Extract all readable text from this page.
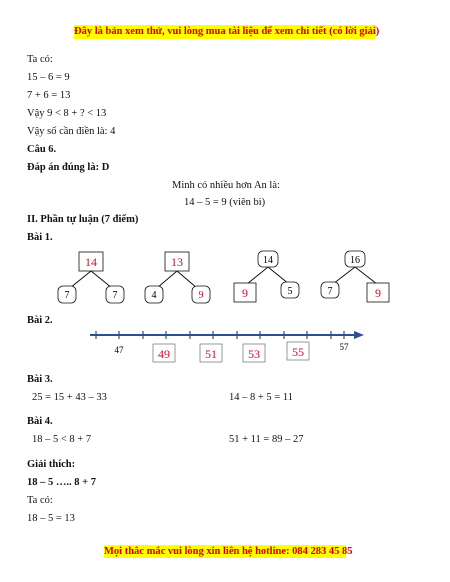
Đây là bản xem thử, vui lòng mua tài liệu để xem chi tiết (có lời giải)
Ta có:
15 – 6 = 9
7 + 6 = 13
Vậy 9 < 8 + ? < 13
Vậy số cần điền là: 4
Câu 6.
Đáp án đúng là: D
Minh có nhiều hơn An là:
14 – 5 = 9 (viên bi)
II. Phần tự luận (7 điểm)
Bài 1.
14
7	7
13
4	9
14
9	5
16
7	9
47	57
49	51	53	55
Bài 2.
Bài 3.
25 = 15 + 43 – 33	14 – 8 + 5 = 11
Bài 4.
18 – 5 < 8 + 7	51 + 11 = 89 – 27
Giải thích:
18 – 5 ….. 8 + 7
Ta có:
18 – 5 = 13
Mọi thắc mắc vui lòng xin liên hệ hotline: 084 283 45 85
